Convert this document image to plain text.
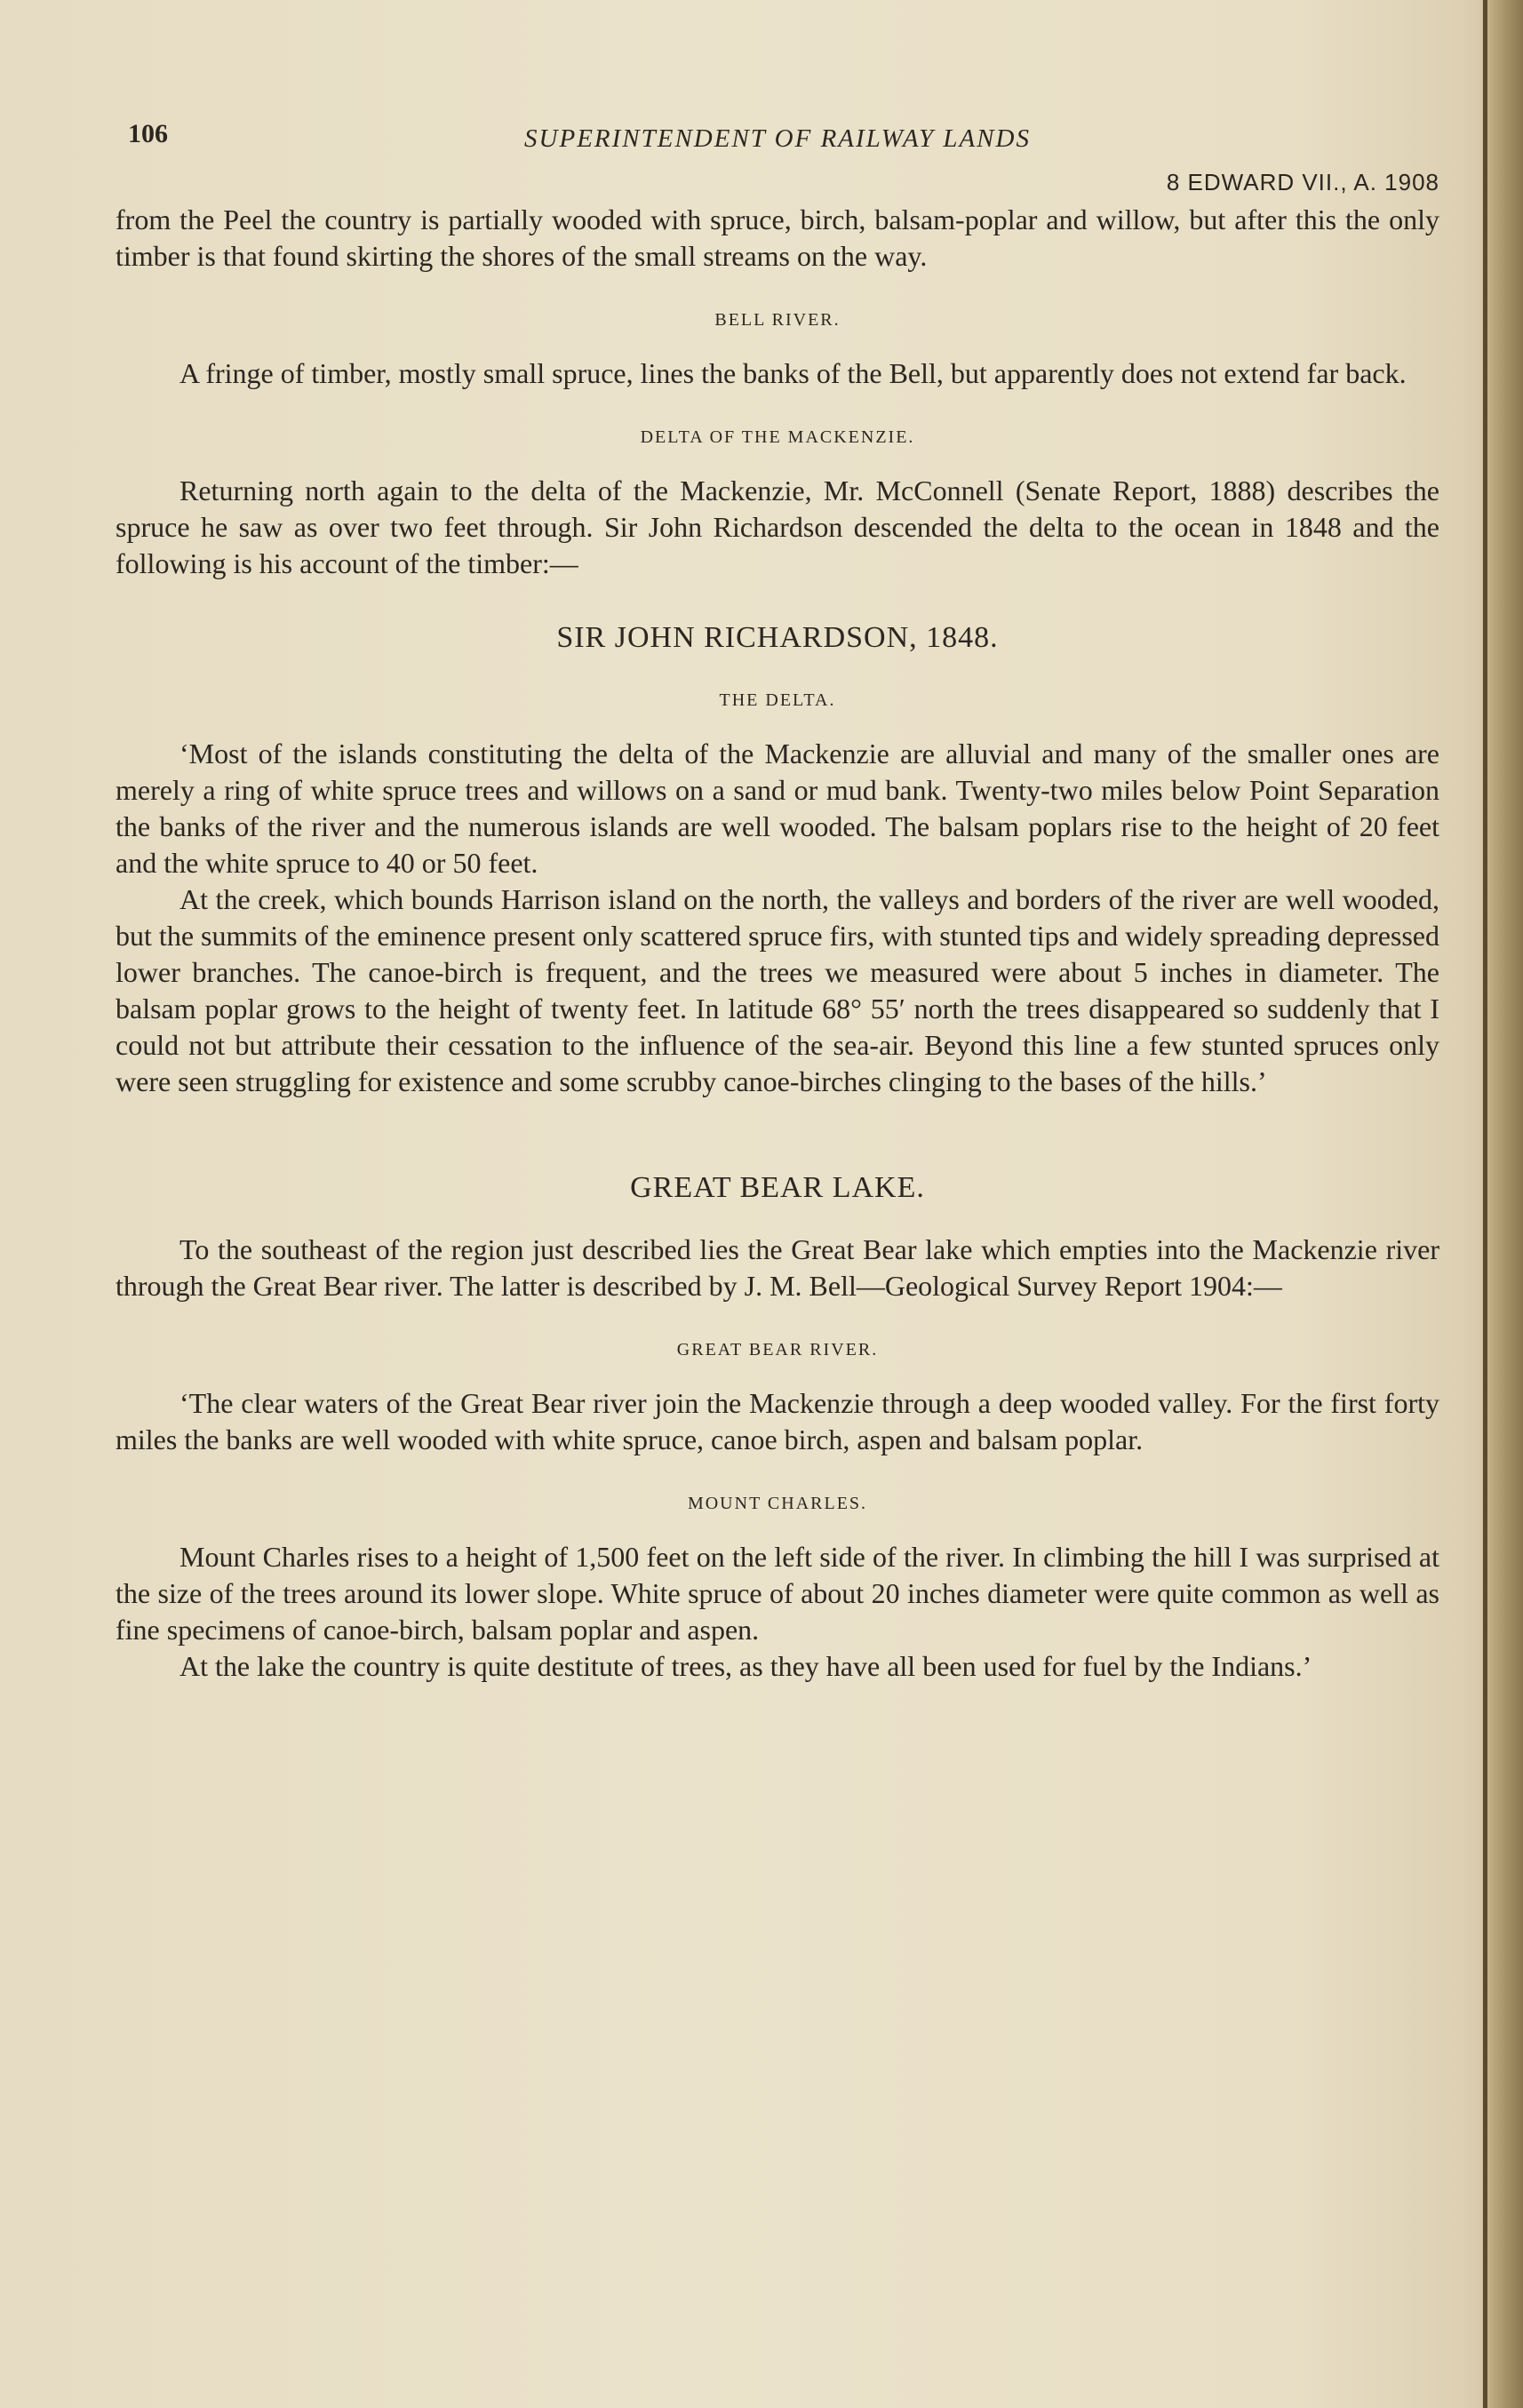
106	SUPERINTENDENT OF RAILWAY LANDS
8 EDWARD VII., A. 1908

from the Peel the country is partially wooded with spruce, birch, balsam-poplar and willow, but after this the only timber is that found skirting the shores of the small streams on the way.

BELL RIVER.

A fringe of timber, mostly small spruce, lines the banks of the Bell, but apparently does not extend far back.

DELTA OF THE MACKENZIE.

Returning north again to the delta of the Mackenzie, Mr. McConnell (Senate Report, 1888) describes the spruce he saw as over two feet through. Sir John Richardson descended the delta to the ocean in 1848 and the following is his account of the timber:—

SIR JOHN RICHARDSON, 1848.
THE DELTA.

‘Most of the islands constituting the delta of the Mackenzie are alluvial and many of the smaller ones are merely a ring of white spruce trees and willows on a sand or mud bank. Twenty-two miles below Point Separation the banks of the river and the numerous islands are well wooded. The balsam poplars rise to the height of 20 feet and the white spruce to 40 or 50 feet.

At the creek, which bounds Harrison island on the north, the valleys and borders of the river are well wooded, but the summits of the eminence present only scattered spruce firs, with stunted tips and widely spreading depressed lower branches. The canoe-birch is frequent, and the trees we measured were about 5 inches in diameter. The balsam poplar grows to the height of twenty feet. In latitude 68° 55′ north the trees disappeared so suddenly that I could not but attribute their cessation to the influence of the sea-air. Beyond this line a few stunted spruces only were seen struggling for existence and some scrubby canoe-birches clinging to the bases of the hills.’

GREAT BEAR LAKE.

To the southeast of the region just described lies the Great Bear lake which empties into the Mackenzie river through the Great Bear river. The latter is described by J. M. Bell—Geological Survey Report 1904:—

GREAT BEAR RIVER.

‘The clear waters of the Great Bear river join the Mackenzie through a deep wooded valley. For the first forty miles the banks are well wooded with white spruce, canoe birch, aspen and balsam poplar.

MOUNT CHARLES.

Mount Charles rises to a height of 1,500 feet on the left side of the river. In climbing the hill I was surprised at the size of the trees around its lower slope. White spruce of about 20 inches diameter were quite common as well as fine specimens of canoe-birch, balsam poplar and aspen.

At the lake the country is quite destitute of trees, as they have all been used for fuel by the Indians.’
